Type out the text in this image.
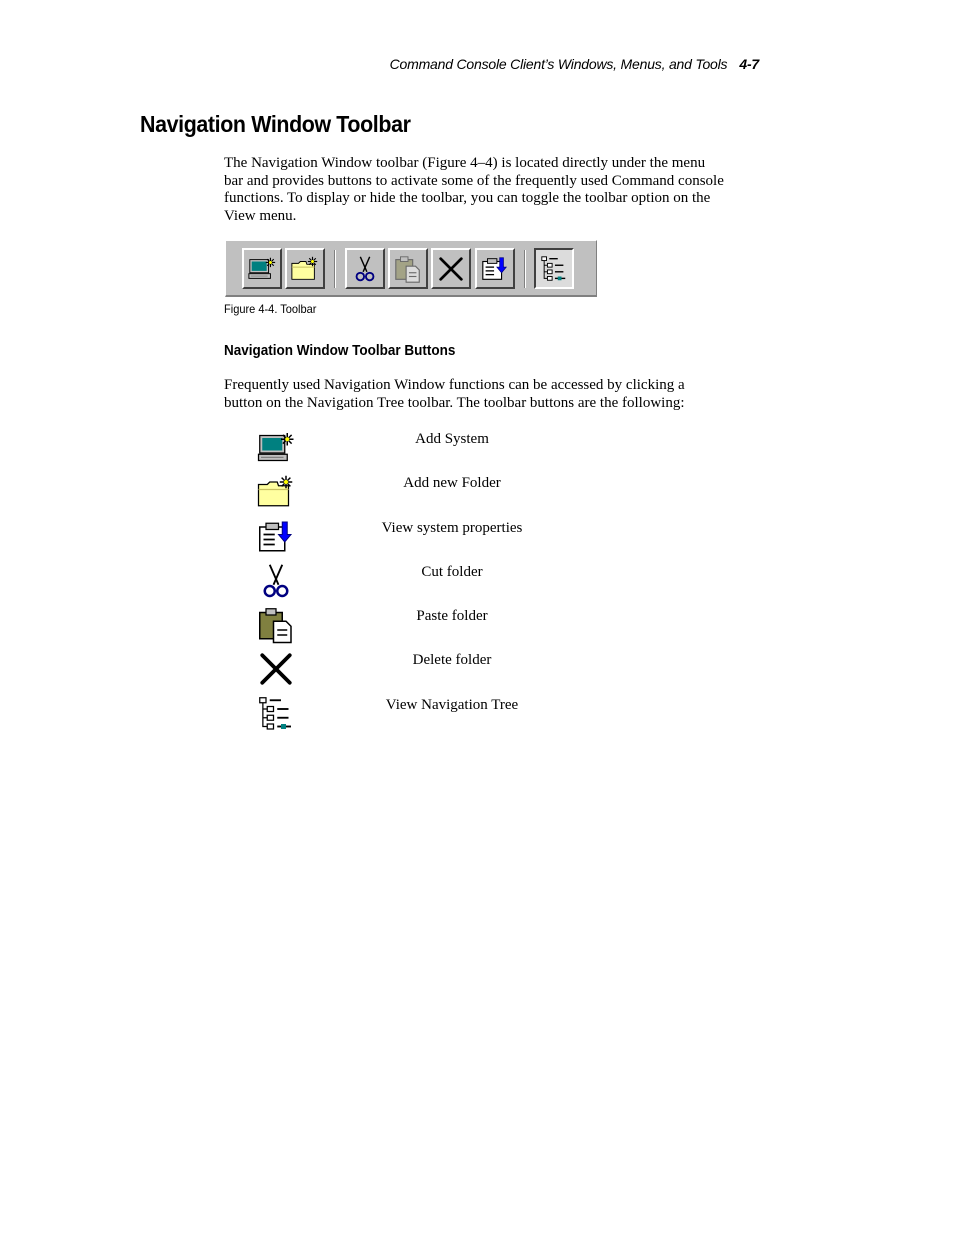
Command Console Client’s Windows, Menus, and Tools 4-7
Navigation Window Toolbar
The Navigation Window toolbar (Figure 4–4) is located directly under the menu bar and provides buttons to activate some of the frequently used Command console functions. To display or hide the toolbar, you can toggle the toolbar option on the View menu.
Figure 4-4. Toolbar
Navigation Window Toolbar Buttons
Frequently used Navigation Window functions can be accessed by clicking a button on the Navigation Tree toolbar. The toolbar buttons are the following:
Add System
Add new Folder
View system properties
Cut folder
Paste folder
Delete folder
View Navigation Tree
